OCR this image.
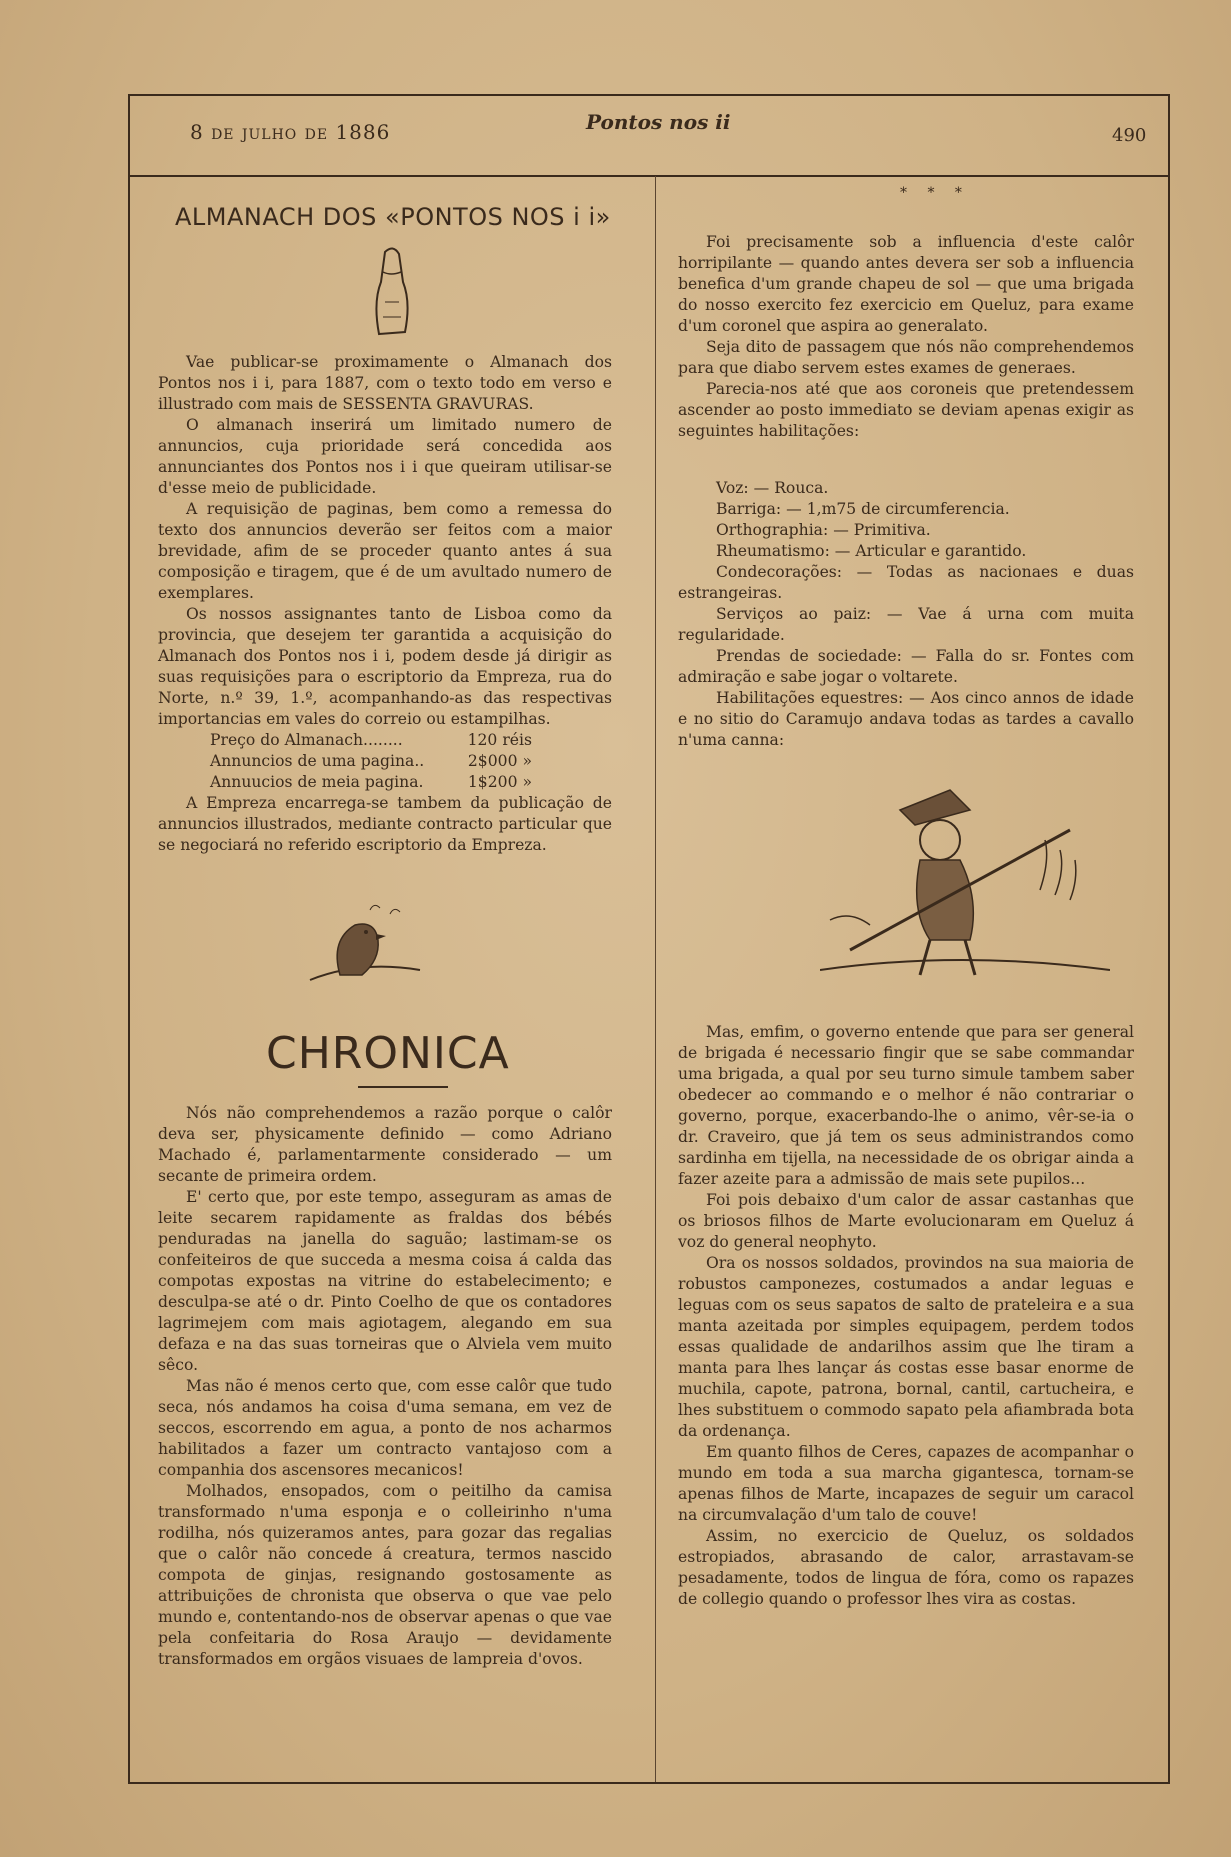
8 de julho de 1886	Pontos nos ii
490
ALMANACH DOS «PONTOS NOS i i»

Vae publicar-se proximamente o Almanach dos Pontos nos i i, para 1887, com o texto todo em verso e illustrado com mais de SESSENTA GRAVURAS.

O almanach inserirá um limitado numero de annuncios, cuja prioridade será concedida aos annunciantes dos Pontos nos i i que queiram utilisar-se d'esse meio de publicidade.

A requisição de paginas, bem como a remessa do texto dos annuncios deverão ser feitos com a maior brevidade, afim de se proceder quanto antes á sua composição e tiragem, que é de um avultado numero de exemplares.

Os nossos assignantes tanto de Lisboa como da provincia, que desejem ter garantida a acquisição do Almanach dos Pontos nos i i, podem desde já dirigir as suas requisições para o escriptorio da Empreza, rua do Norte, n.º 39, 1.º, acompanhando-as das respectivas importancias em vales do correio ou estampilhas.

Preço do Almanach........	120 réis
Annuncios de uma pagina..	2$000 »
Annuucios de meia pagina.	1$200 »

A Empreza encarrega-se tambem da publicação de annuncios illustrados, mediante contracto particular que se negociará no referido escriptorio da Empreza.

CHRONICA

Nós não comprehendemos a razão porque o calôr deva ser, physicamente definido — como Adriano Machado é, parlamentarmente considerado — um secante de primeira ordem.

E' certo que, por este tempo, asseguram as amas de leite secarem rapidamente as fraldas dos bébés penduradas na janella do saguão; lastimam-se os confeiteiros de que succeda a mesma coisa á calda das compotas expostas na vitrine do estabelecimento; e desculpa-se até o dr. Pinto Coelho de que os contadores lagrimejem com mais agiotagem, alegando em sua defaza e na das suas torneiras que o Alviela vem muito sêco.

Mas não é menos certo que, com esse calôr que tudo seca, nós andamos ha coisa d'uma semana, em vez de seccos, escorrendo em agua, a ponto de nos acharmos habilitados a fazer um contracto vantajoso com a companhia dos ascensores mecanicos!

Molhados, ensopados, com o peitilho da camisa transformado n'uma esponja e o colleirinho n'uma rodilha, nós quizeramos antes, para gozar das regalias que o calôr não concede á creatura, termos nascido compota de ginjas, resignando gostosamente as attribuições de chronista que observa o que vae pelo mundo e, contentando-nos de observar apenas o que vae pela confeitaria do Rosa Araujo — devidamente transformados em orgãos visuaes de lampreia d'ovos.

* * *

Foi precisamente sob a influencia d'este calôr horripilante — quando antes devera ser sob a influencia benefica d'um grande chapeu de sol — que uma brigada do nosso exercito fez exercicio em Queluz, para exame d'um coronel que aspira ao generalato.

Seja dito de passagem que nós não comprehendemos para que diabo servem estes exames de generaes.

Parecia-nos até que aos coroneis que pretendessem ascender ao posto immediato se deviam apenas exigir as seguintes habilitações:

Voz: — Rouca.

Barriga: — 1,m75 de circumferencia.

Orthographia: — Primitiva.

Rheumatismo: — Articular e garantido.

Condecorações: — Todas as nacionaes e duas estrangeiras.

Serviços ao paiz: — Vae á urna com muita regularidade.

Prendas de sociedade: — Falla do sr. Fontes com admiração e sabe jogar o voltarete.

Habilitações equestres: — Aos cinco annos de idade e no sitio do Caramujo andava todas as tardes a cavallo n'uma canna:

Mas, emfim, o governo entende que para ser general de brigada é necessario fingir que se sabe commandar uma brigada, a qual por seu turno simule tambem saber obedecer ao commando e o melhor é não contrariar o governo, porque, exacerbando-lhe o animo, vêr-se-ia o dr. Craveiro, que já tem os seus administrandos como sardinha em tijella, na necessidade de os obrigar ainda a fazer azeite para a admissão de mais sete pupilos...

Foi pois debaixo d'um calor de assar castanhas que os briosos filhos de Marte evolucionaram em Queluz á voz do general neophyto.

Ora os nossos soldados, provindos na sua maioria de robustos camponezes, costumados a andar leguas e leguas com os seus sapatos de salto de prateleira e a sua manta azeitada por simples equipagem, perdem todos essas qualidade de andarilhos assim que lhe tiram a manta para lhes lançar ás costas esse basar enorme de muchila, capote, patrona, bornal, cantil, cartucheira, e lhes substituem o commodo sapato pela afiambrada bota da ordenança.

Em quanto filhos de Ceres, capazes de acompanhar o mundo em toda a sua marcha gigantesca, tornam-se apenas filhos de Marte, incapazes de seguir um caracol na circumvalação d'um talo de couve!

Assim, no exercicio de Queluz, os soldados estropiados, abrasando de calor, arrastavam-se pesadamente, todos de lingua de fóra, como os rapazes de collegio quando o professor lhes vira as costas.
